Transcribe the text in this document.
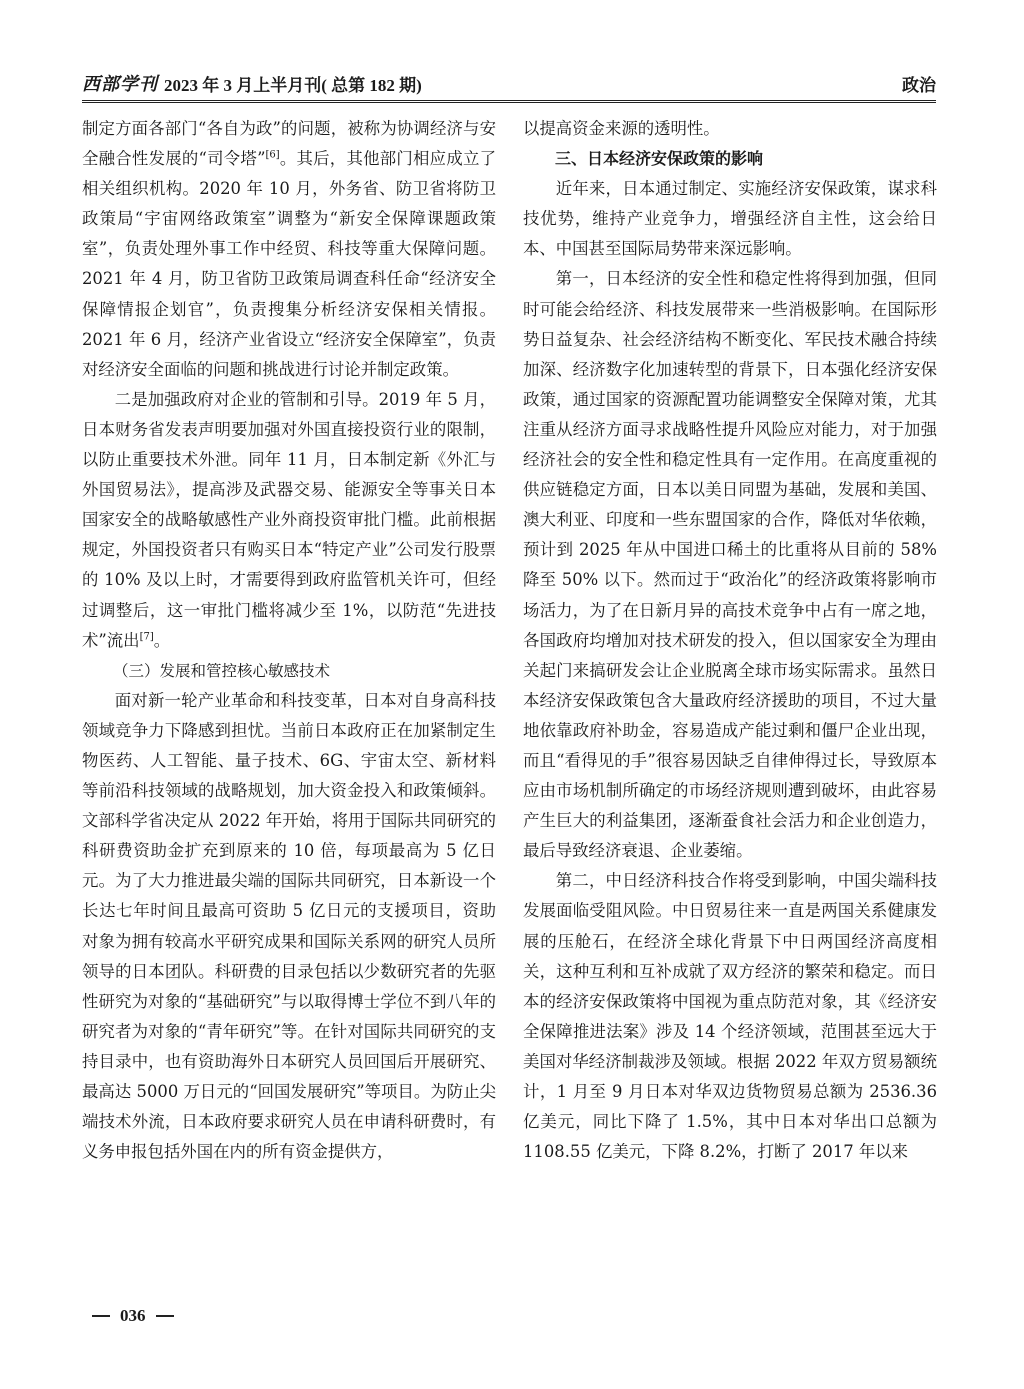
西部学刊 2023 年 3 月上半月刊( 总第 182 期)	政治

制定方面各部门“各自为政”的问题，被称为协调经济与安全融合性发展的“司令塔”[6]。其后，其他部门相应成立了相关组织机构。2020 年 10 月，外务省、防卫省将防卫政策局“宇宙网络政策室”调整为“新安全保障课题政策室”，负责处理外事工作中经贸、科技等重大保障问题。2021 年 4 月，防卫省防卫政策局调查科任命“经济安全保障情报企划官”，负责搜集分析经济安保相关情报。2021 年 6 月，经济产业省设立“经济安全保障室”，负责对经济安全面临的问题和挑战进行讨论并制定政策。

二是加强政府对企业的管制和引导。2019 年 5 月，日本财务省发表声明要加强对外国直接投资行业的限制，以防止重要技术外泄。同年 11 月，日本制定新《外汇与外国贸易法》，提高涉及武器交易、能源安全等事关日本国家安全的战略敏感性产业外商投资审批门槛。此前根据规定，外国投资者只有购买日本“特定产业”公司发行股票的 10% 及以上时，才需要得到政府监管机关许可，但经过调整后，这一审批门槛将减少至 1%，以防范“先进技术”流出[7]。

（三）发展和管控核心敏感技术

面对新一轮产业革命和科技变革，日本对自身高科技领域竞争力下降感到担忧。当前日本政府正在加紧制定生物医药、人工智能、量子技术、6G、宇宙太空、新材料等前沿科技领域的战略规划，加大资金投入和政策倾斜。文部科学省决定从 2022 年开始，将用于国际共同研究的科研费资助金扩充到原来的 10 倍，每项最高为 5 亿日元。为了大力推进最尖端的国际共同研究，日本新设一个长达七年时间且最高可资助 5 亿日元的支援项目，资助对象为拥有较高水平研究成果和国际关系网的研究人员所领导的日本团队。科研费的目录包括以少数研究者的先驱性研究为对象的“基础研究”与以取得博士学位不到八年的研究者为对象的“青年研究”等。在针对国际共同研究的支持目录中，也有资助海外日本研究人员回国后开展研究、最高达 5000 万日元的“回国发展研究”等项目。为防止尖端技术外流，日本政府要求研究人员在申请科研费时，有义务申报包括外国在内的所有资金提供方，

以提高资金来源的透明性。

三、日本经济安保政策的影响

近年来，日本通过制定、实施经济安保政策，谋求科技优势，维持产业竞争力，增强经济自主性，这会给日本、中国甚至国际局势带来深远影响。

第一，日本经济的安全性和稳定性将得到加强，但同时可能会给经济、科技发展带来一些消极影响。在国际形势日益复杂、社会经济结构不断变化、军民技术融合持续加深、经济数字化加速转型的背景下，日本强化经济安保政策，通过国家的资源配置功能调整安全保障对策，尤其注重从经济方面寻求战略性提升风险应对能力，对于加强经济社会的安全性和稳定性具有一定作用。在高度重视的供应链稳定方面，日本以美日同盟为基础，发展和美国、澳大利亚、印度和一些东盟国家的合作，降低对华依赖，预计到 2025 年从中国进口稀土的比重将从目前的 58% 降至 50% 以下。然而过于“政治化”的经济政策将影响市场活力，为了在日新月异的高技术竞争中占有一席之地，各国政府均增加对技术研发的投入，但以国家安全为理由关起门来搞研发会让企业脱离全球市场实际需求。虽然日本经济安保政策包含大量政府经济援助的项目，不过大量地依靠政府补助金，容易造成产能过剩和僵尸企业出现，而且“看得见的手”很容易因缺乏自律伸得过长，导致原本应由市场机制所确定的市场经济规则遭到破坏，由此容易产生巨大的利益集团，逐渐蚕食社会活力和企业创造力，最后导致经济衰退、企业萎缩。

第二，中日经济科技合作将受到影响，中国尖端科技发展面临受阻风险。中日贸易往来一直是两国关系健康发展的压舱石，在经济全球化背景下中日两国经济高度相关，这种互利和互补成就了双方经济的繁荣和稳定。而日本的经济安保政策将中国视为重点防范对象，其《经济安全保障推进法案》涉及 14 个经济领域，范围甚至远大于美国对华经济制裁涉及领域。根据 2022 年双方贸易额统计，1 月至 9 月日本对华双边货物贸易总额为 2536.36 亿美元，同比下降了 1.5%，其中日本对华出口总额为 1108.55 亿美元，下降 8.2%，打断了 2017 年以来

036
